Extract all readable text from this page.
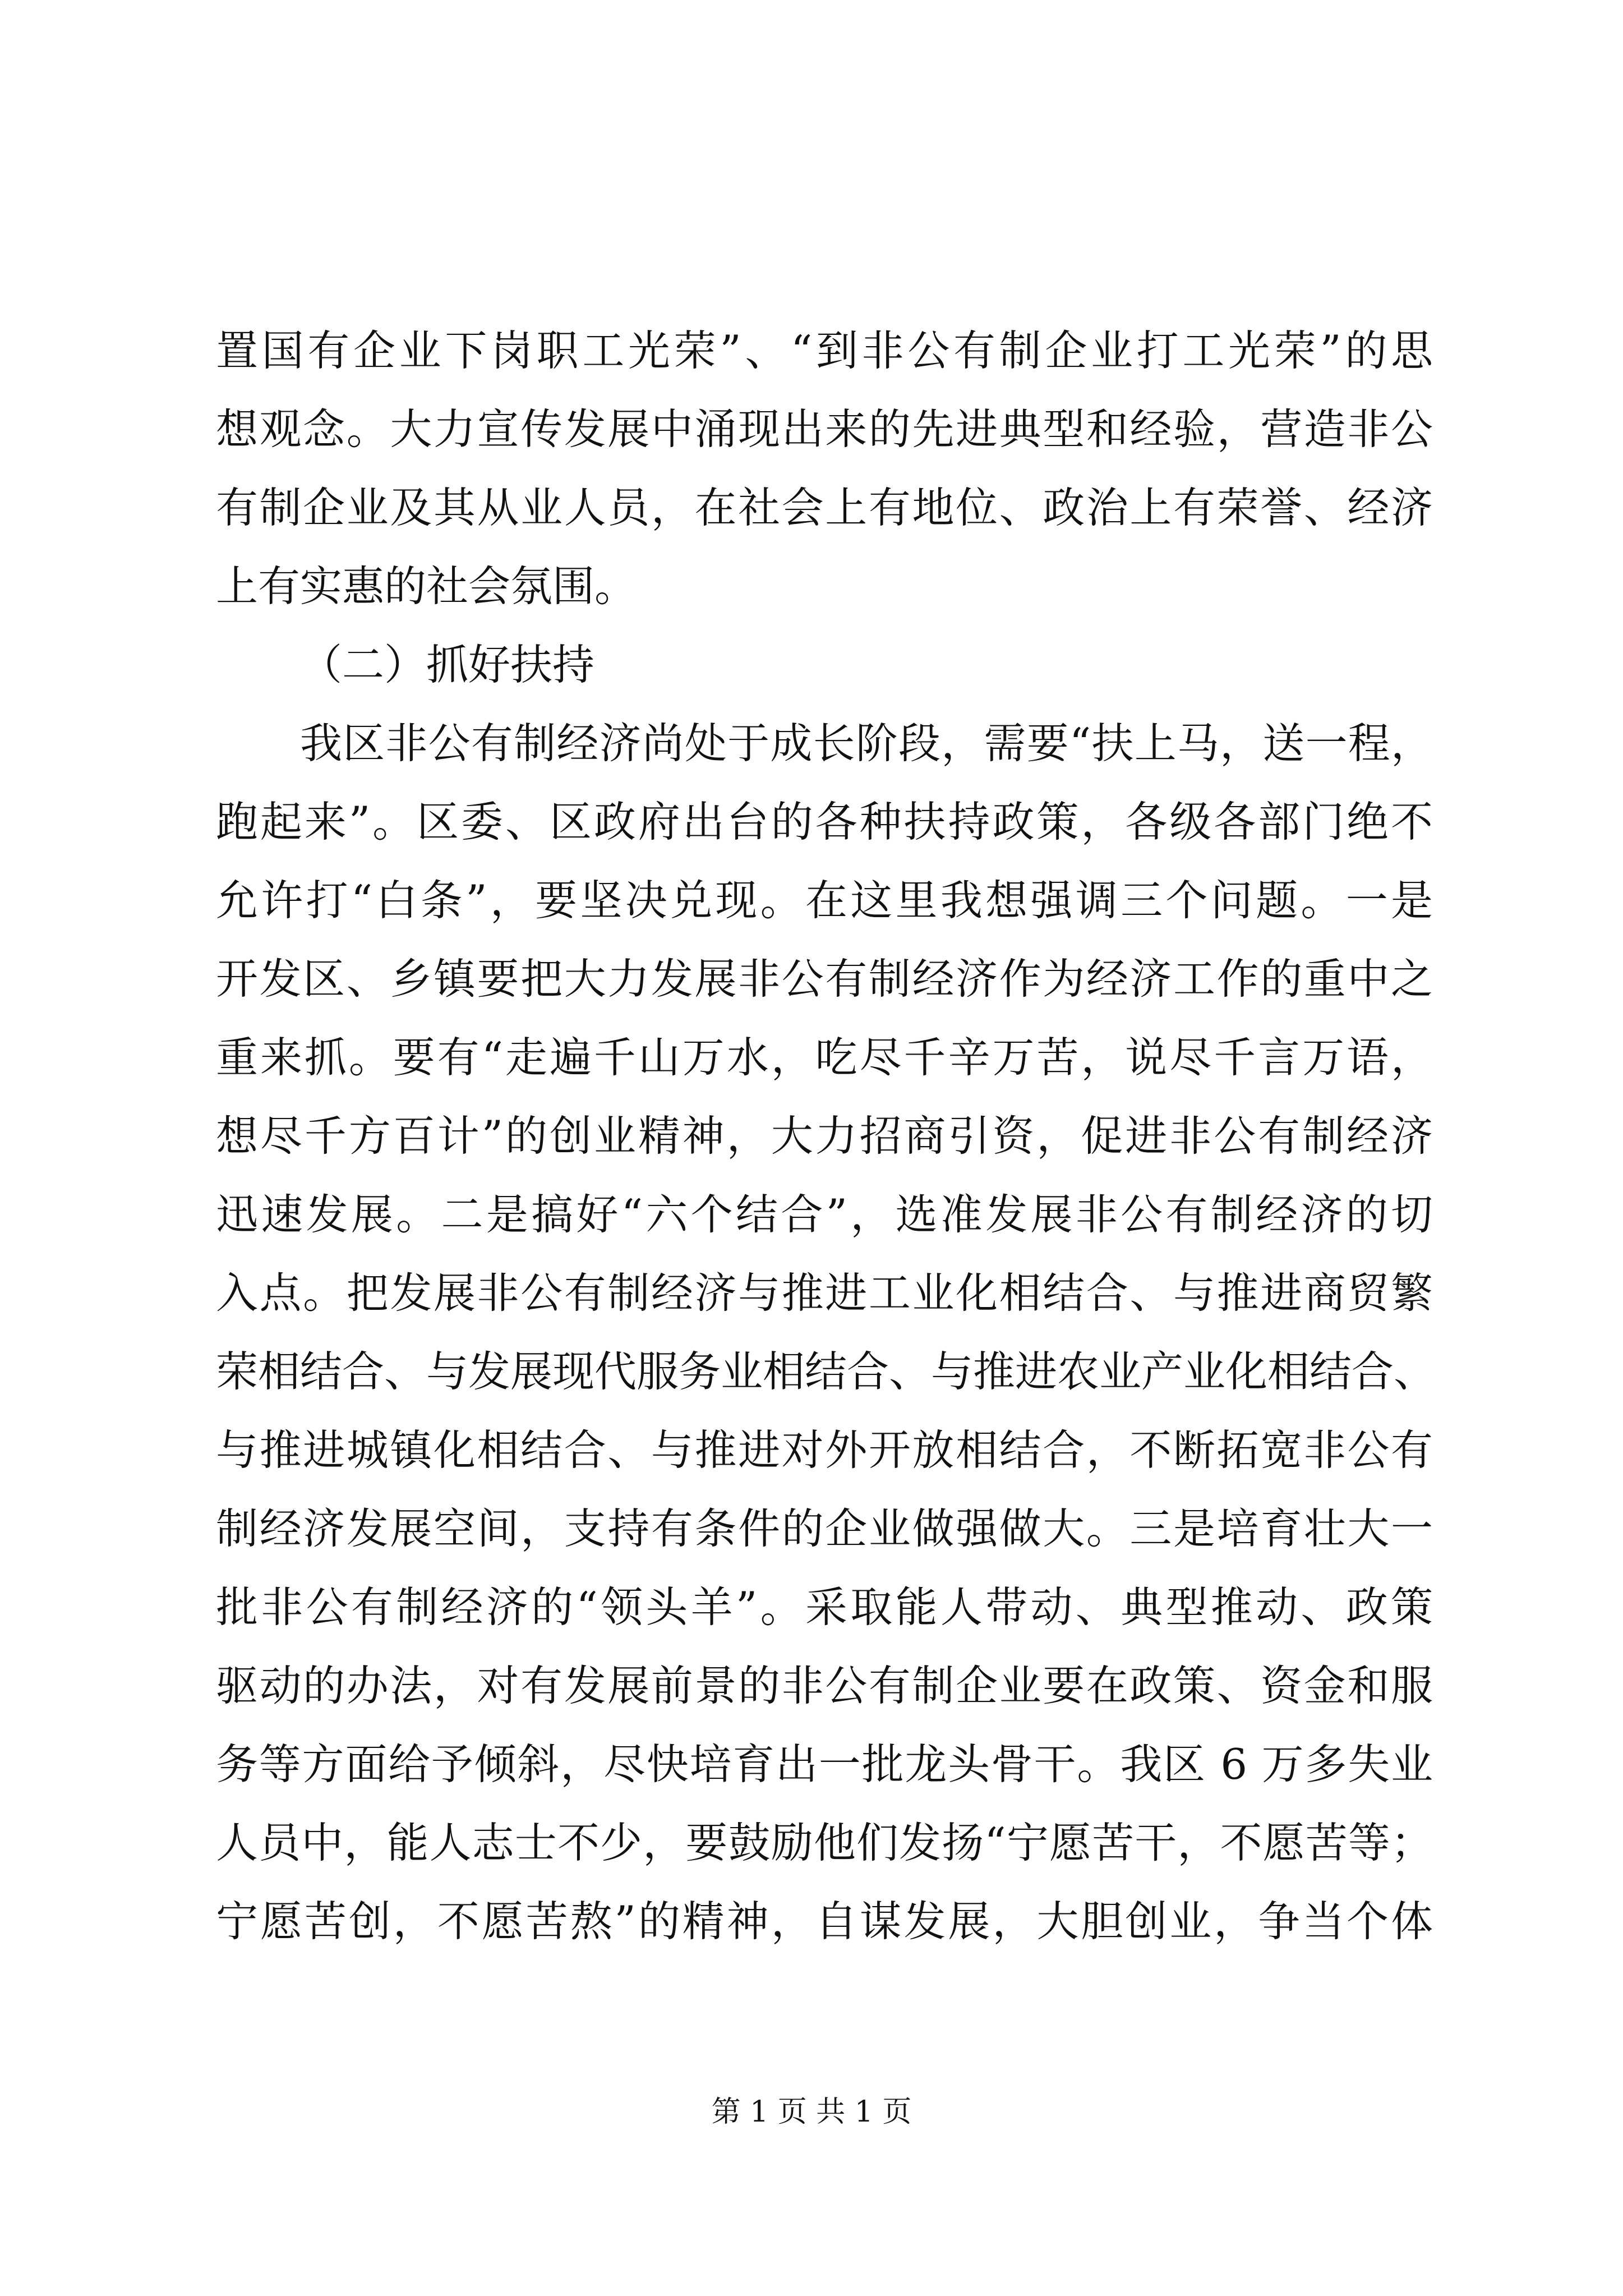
置国有企业下岗职工光荣”、“到非公有制企业打工光荣”的思
想观念。大力宣传发展中涌现出来的先进典型和经验，营造非公
有制企业及其从业人员，在社会上有地位、政治上有荣誉、经济
上有实惠的社会氛围。
（二）抓好扶持
我区非公有制经济尚处于成长阶段，需要“扶上马，送一程，
跑起来”。区委、区政府出台的各种扶持政策，各级各部门绝不
允许打“白条”，要坚决兑现。在这里我想强调三个问题。一是
开发区、乡镇要把大力发展非公有制经济作为经济工作的重中之
重来抓。要有“走遍千山万水，吃尽千辛万苦，说尽千言万语，
想尽千方百计”的创业精神，大力招商引资，促进非公有制经济
迅速发展。二是搞好“六个结合”，选准发展非公有制经济的切
入点。把发展非公有制经济与推进工业化相结合、与推进商贸繁
荣相结合、与发展现代服务业相结合、与推进农业产业化相结合、
与推进城镇化相结合、与推进对外开放相结合，不断拓宽非公有
制经济发展空间，支持有条件的企业做强做大。三是培育壮大一
批非公有制经济的“领头羊”。采取能人带动、典型推动、政策
驱动的办法，对有发展前景的非公有制企业要在政策、资金和服
务等方面给予倾斜，尽快培育出一批龙头骨干。我区 6 万多失业
人员中，能人志士不少，要鼓励他们发扬“宁愿苦干，不愿苦等；
宁愿苦创，不愿苦熬”的精神，自谋发展，大胆创业，争当个体
第 1 页 共 1 页
